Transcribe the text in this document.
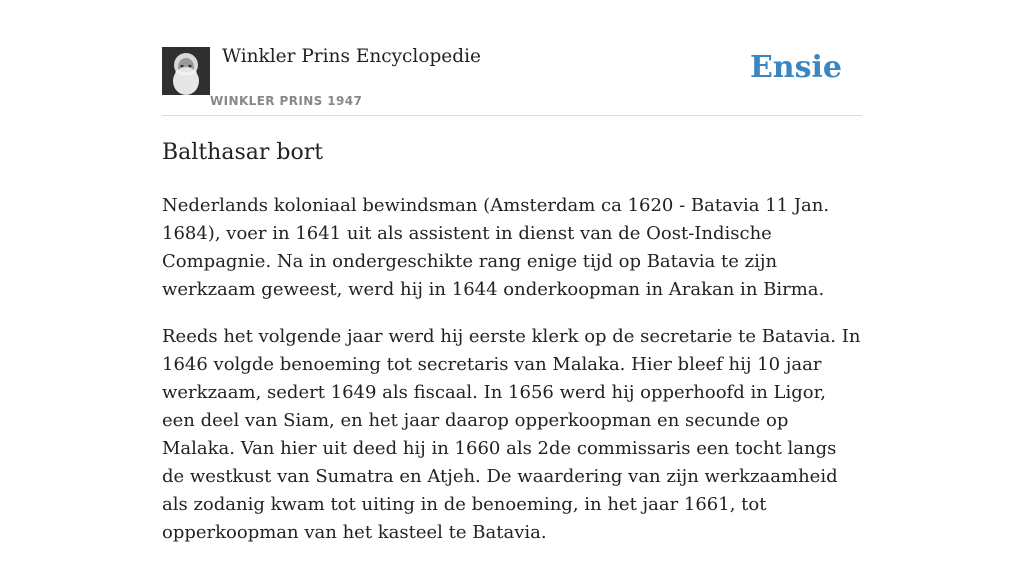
Winkler Prins Encyclopedie
WINKLER PRINS 1947
Ensie
Balthasar bort

Nederlands koloniaal bewindsman (Amsterdam ca 1620 - Batavia 11 Jan. 1684), voer in 1641 uit als assistent in dienst van de Oost-Indische Compagnie. Na in ondergeschikte rang enige tijd op Batavia te zijn werkzaam geweest, werd hij in 1644 onderkoopman in Arakan in Birma.

Reeds het volgende jaar werd hij eerste klerk op de secretarie te Batavia. In 1646 volgde benoeming tot secretaris van Malaka. Hier bleef hij 10 jaar werkzaam, sedert 1649 als fiscaal. In 1656 werd hij opperhoofd in Ligor, een deel van Siam, en het jaar daarop opperkoopman en secunde op Malaka. Van hier uit deed hij in 1660 als 2de commissaris een tocht langs de westkust van Sumatra en Atjeh. De waardering van zijn werkzaamheid als zodanig kwam tot uiting in de benoeming, in het jaar 1661, tot opperkoopman van het kasteel te Batavia.
